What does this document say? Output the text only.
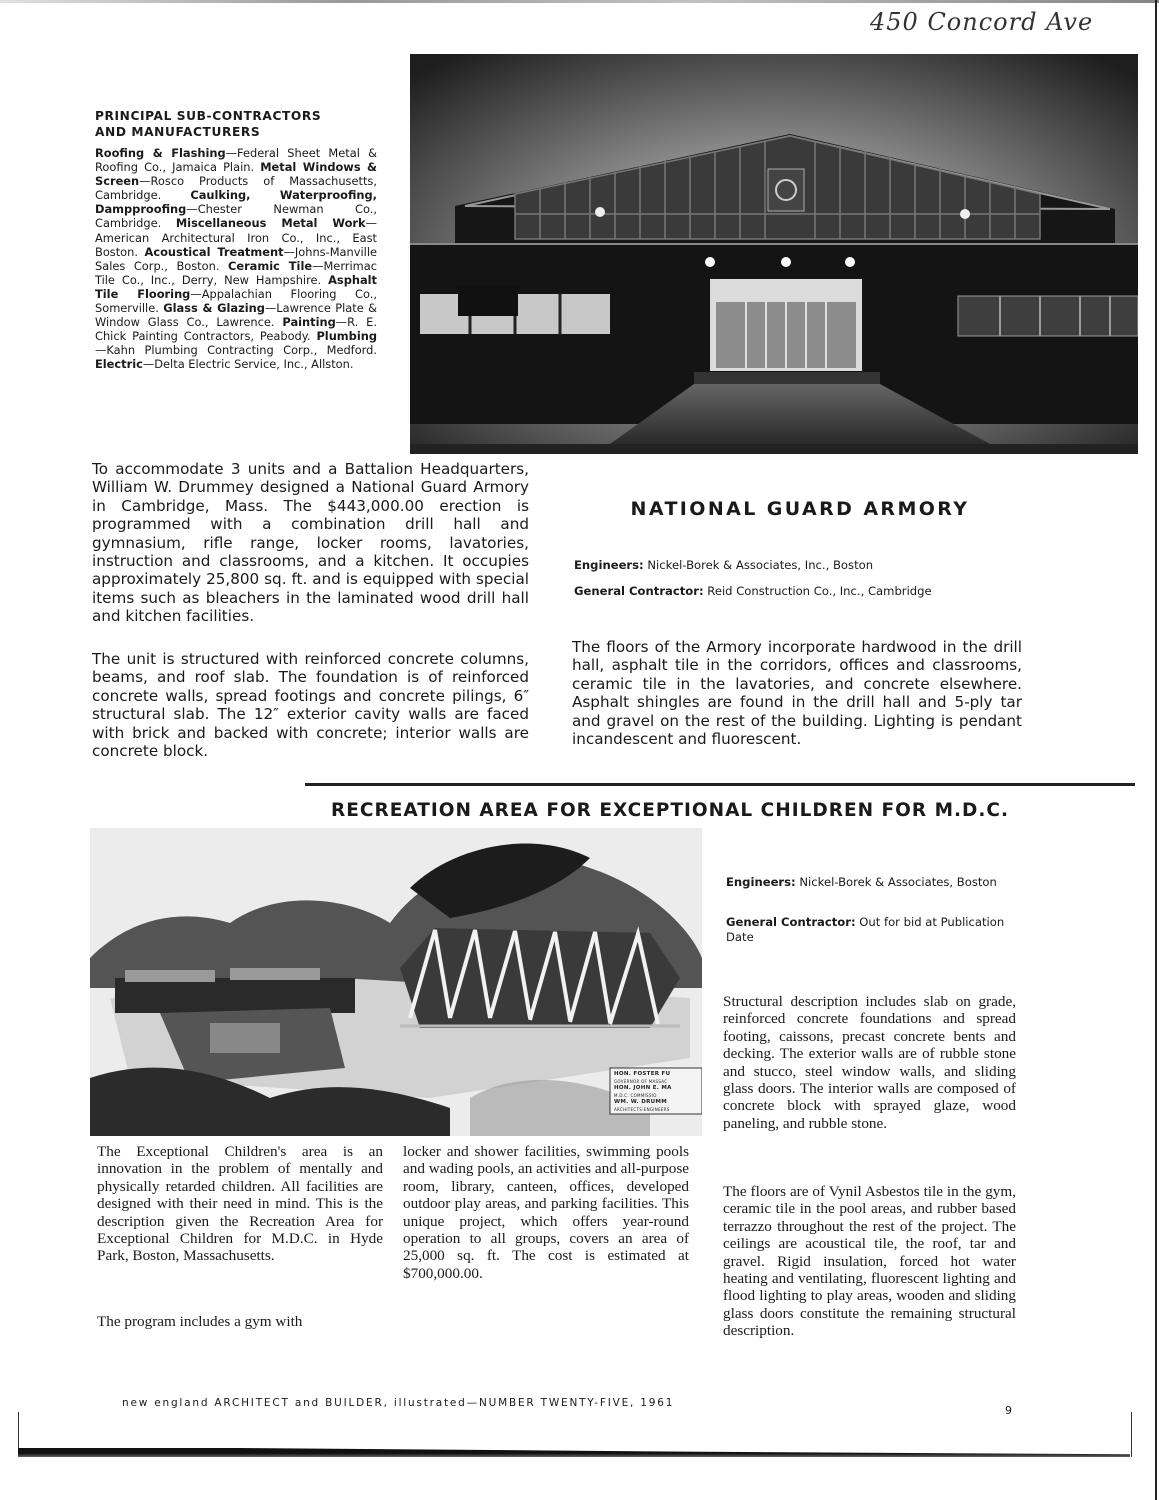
450 Concord Ave
PRINCIPAL SUB-CONTRACTORS
AND MANUFACTURERS
Roofing & Flashing—Federal Sheet Metal & Roofing Co., Jamaica Plain. Metal Windows & Screen—Rosco Products of Massachusetts, Cambridge.	Caulking, Waterproofing, Dampproofing—Chester Newman Co., Cambridge. Miscellaneous Metal Work—American Architectural Iron Co., Inc., East Boston. Acoustical Treatment—Johns-Manville Sales Corp., Boston. Ceramic Tile—Merrimac Tile Co., Inc., Derry, New Hampshire. Asphalt Tile Flooring—Appalachian Flooring Co., Somerville. Glass & Glazing—Lawrence Plate & Window Glass Co., Lawrence. Painting—R. E. Chick Painting Contractors, Peabody. Plumbing—Kahn Plumbing Contracting Corp., Medford. Electric—Delta Electric Service, Inc., Allston.
To accommodate 3 units and a Battalion Headquarters, William W. Drummey designed a National Guard Armory in Cambridge, Mass. The $443,000.00 erection is programmed with a combination drill hall and gymnasium, rifle range, locker rooms, lavatories, instruction and classrooms, and a kitchen. It occupies approximately 25,800 sq. ft. and is equipped with special items such as bleachers in the laminated wood drill hall and kitchen facilities.
The unit is structured with reinforced concrete columns, beams, and roof slab. The foundation is of reinforced concrete walls, spread footings and concrete pilings, 6″ structural slab. The 12″ exterior cavity walls are faced with brick and backed with concrete; interior walls are concrete block.
NATIONAL GUARD ARMORY
Engineers: Nickel-Borek & Associates, Inc., Boston
General Contractor: Reid Construction Co., Inc., Cambridge
The floors of the Armory incorporate hardwood in the drill hall, asphalt tile in the corridors, offices and classrooms, ceramic tile in the lavatories, and concrete elsewhere. Asphalt shingles are found in the drill hall and 5-ply tar and gravel on the rest of the building. Lighting is pendant incandescent and fluorescent.
RECREATION AREA FOR EXCEPTIONAL CHILDREN FOR M.D.C.
HON. FOSTER FU
GOVERNOR OF MASSAC
HON. JOHN E. MA
M.D.C. COMMISSIO
WM. W. DRUMM
ARCHITECTS-ENGINEERS
Engineers: Nickel-Borek & Associates, Boston
General Contractor: Out for bid at Publication Date
The Exceptional Children's area is an innovation in the problem of mentally and physically retarded children. All facilities are designed with their need in mind. This is the description given the Recreation Area for Exceptional Children for M.D.C. in Hyde Park, Boston, Massachusetts.
The program includes a gym with
locker and shower facilities, swimming pools and wading pools, an activities and all-purpose room, library, canteen, offices, developed outdoor play areas, and parking facilities. This unique project, which offers year-round operation to all groups, covers an area of 25,000 sq. ft. The cost is estimated at $700,000.00.
Structural description includes slab on grade, reinforced concrete foundations and spread footing, caissons, precast concrete bents and decking. The exterior walls are of rubble stone and stucco, steel window walls, and sliding glass doors. The interior walls are composed of concrete block with sprayed glaze, wood paneling, and rubble stone.
The floors are of Vynil Asbestos tile in the gym, ceramic tile in the pool areas, and rubber based terrazzo throughout the rest of the project. The ceilings are acoustical tile, the roof, tar and gravel. Rigid insulation, forced hot water heating and ventilating, fluorescent lighting and flood lighting to play areas, wooden and sliding glass doors constitute the remaining structural description.
new england ARCHITECT and BUILDER, illustrated—NUMBER TWENTY-FIVE, 1961
9
